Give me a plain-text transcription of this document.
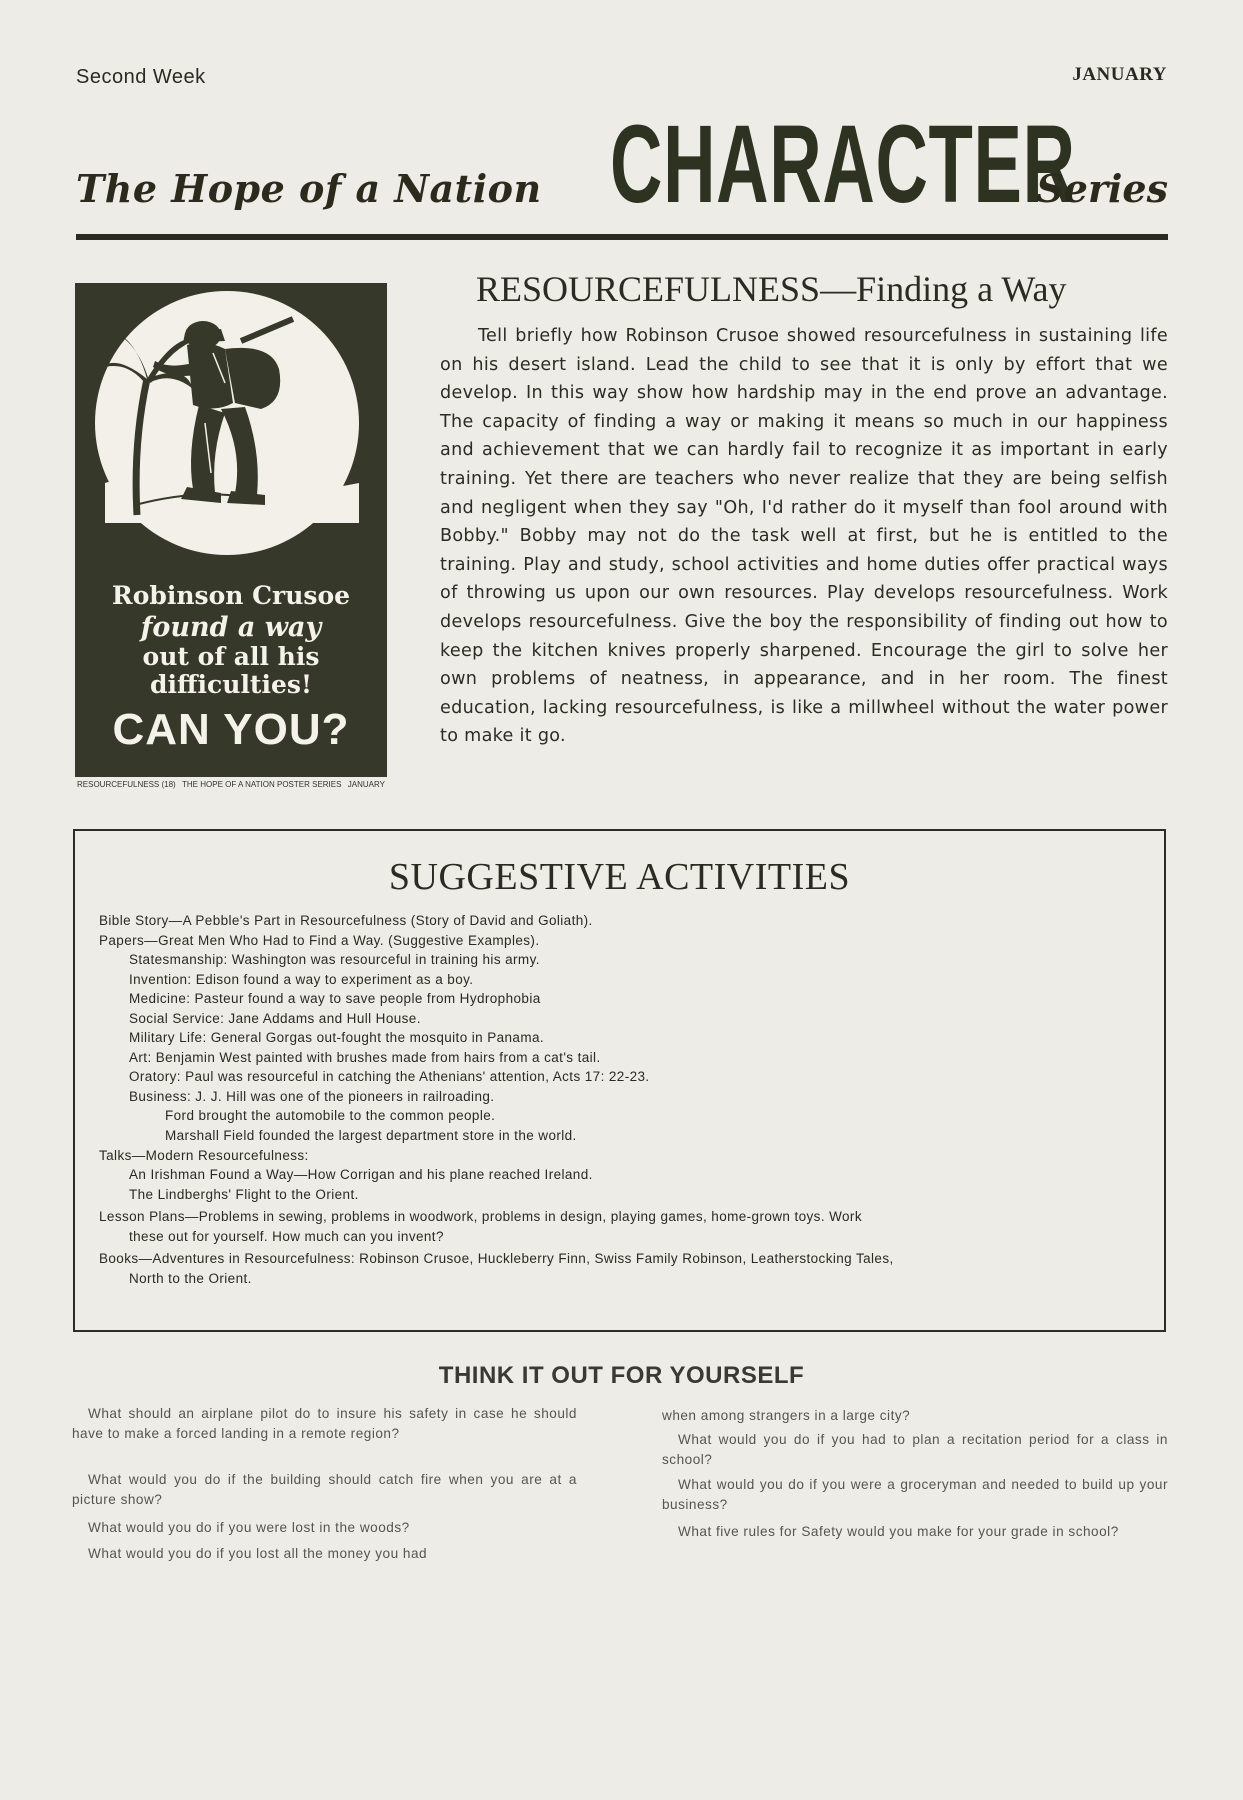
Second Week	JANUARY
The Hope of a Nation CHARACTER
Series
Robinson Crusoe
found a way
out of all his
difficulties!
CAN YOU?
RESOURCEFULNESS (18) THE HOPE OF A NATION POSTER SERIES JANUARY
RESOURCEFULNESS—Finding a Way
Tell briefly how Robinson Crusoe showed resourcefulness in sustaining life on his desert island. Lead the child to see that it is only by effort that we develop. In this way show how hardship may in the end prove an advantage. The capacity of finding a way or making it means so much in our happiness and achievement that we can hardly fail to recognize it as important in early training. Yet there are teachers who never realize that they are being selfish and negligent when they say "Oh, I'd rather do it myself than fool around with Bobby." Bobby may not do the task well at first, but he is entitled to the training. Play and study, school activities and home duties offer practical ways of throwing us upon our own resources. Play develops resourcefulness. Work develops resourcefulness. Give the boy the responsibility of finding out how to keep the kitchen knives properly sharpened. Encourage the girl to solve her own problems of neatness, in appearance, and in her room. The finest education, lacking resourcefulness, is like a millwheel without the water power to make it go.
SUGGESTIVE ACTIVITIES
Bible Story—A Pebble's Part in Resourcefulness (Story of David and Goliath).
Papers—Great Men Who Had to Find a Way. (Suggestive Examples).
Statesmanship: Washington was resourceful in training his army.
Invention: Edison found a way to experiment as a boy.
Medicine: Pasteur found a way to save people from Hydrophobia
Social Service: Jane Addams and Hull House.
Military Life: General Gorgas out-fought the mosquito in Panama.
Art: Benjamin West painted with brushes made from hairs from a cat's tail.
Oratory: Paul was resourceful in catching the Athenians' attention, Acts 17: 22-23.
Business: J. J. Hill was one of the pioneers in railroading.
Ford brought the automobile to the common people.
Marshall Field founded the largest department store in the world.
Talks—Modern Resourcefulness:
An Irishman Found a Way—How Corrigan and his plane reached Ireland.
The Lindberghs' Flight to the Orient.
Lesson Plans—Problems in sewing, problems in woodwork, problems in design, playing games, home-grown toys. Work
these out for yourself. How much can you invent?
Books—Adventures in Resourcefulness: Robinson Crusoe, Huckleberry Finn, Swiss Family Robinson, Leatherstocking Tales,
North to the Orient.
THINK IT OUT FOR YOURSELF
What should an airplane pilot do to insure his safety in case he should have to make a forced landing in a remote region?
What would you do if the building should catch fire when you are at a picture show?
What would you do if you were lost in the woods?
What would you do if you lost all the money you had
when among strangers in a large city?
What would you do if you had to plan a recitation period for a class in school?
What would you do if you were a groceryman and needed to build up your business?
What five rules for Safety would you make for your grade in school?
